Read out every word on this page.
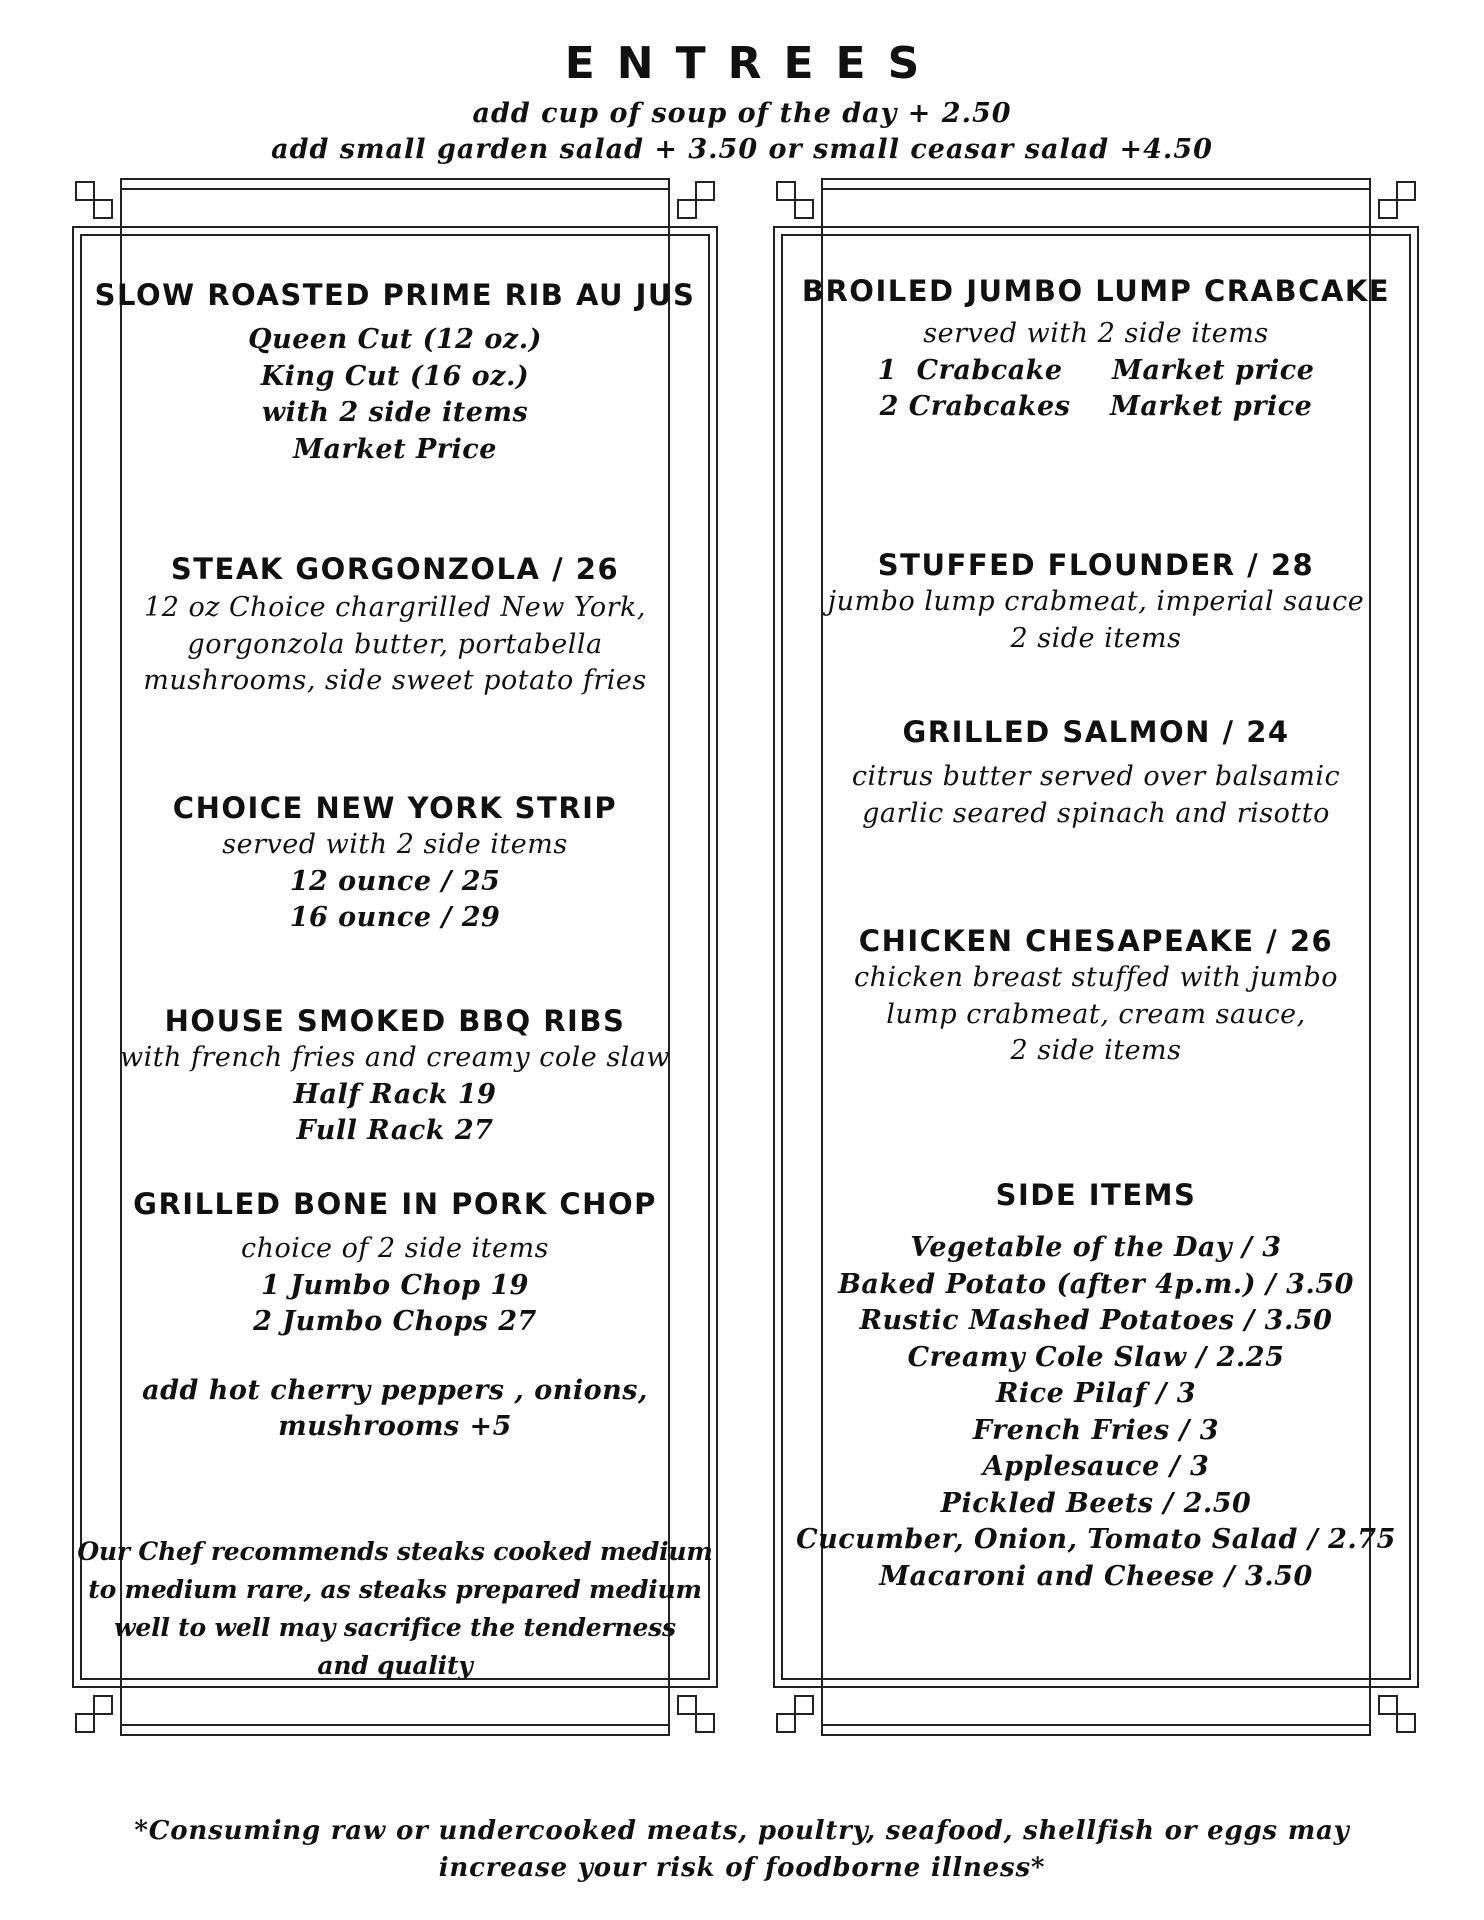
ENTREES
add cup of soup of the day + 2.50
add small garden salad + 3.50 or small ceasar salad +4.50
SLOW ROASTED PRIME RIB AU JUS
Queen Cut (12 oz.)
King Cut (16 oz.)
with 2 side items
Market Price
STEAK GORGONZOLA / 26
12 oz Choice chargrilled New York,
gorgonzola butter, portabella
mushrooms, side sweet potato fries
CHOICE NEW YORK STRIP
served with 2 side items
12 ounce / 25
16 ounce / 29
HOUSE SMOKED BBQ RIBS
with french fries and creamy cole slaw
Half Rack 19
Full Rack 27
GRILLED BONE IN PORK CHOP
choice of 2 side items
1 Jumbo Chop 19
2 Jumbo Chops 27
add hot cherry peppers , onions,
mushrooms +5
Our Chef recommends steaks cooked medium
to medium rare, as steaks prepared medium
well to well may sacrifice the tenderness
and quality
BROILED JUMBO LUMP CRABCAKE
served with 2 side items
1  Crabcake     Market price
2 Crabcakes    Market price
STUFFED FLOUNDER / 28
jumbo lump crabmeat, imperial sauce
2 side items
GRILLED SALMON / 24
citrus butter served over balsamic
garlic seared spinach and risotto
CHICKEN CHESAPEAKE / 26
chicken breast stuffed with jumbo
lump crabmeat, cream sauce,
2 side items
SIDE ITEMS
Vegetable of the Day / 3
Baked Potato (after 4p.m.) / 3.50
Rustic Mashed Potatoes / 3.50
Creamy Cole Slaw / 2.25
Rice Pilaf / 3
French Fries / 3
Applesauce / 3
Pickled Beets / 2.50
Cucumber, Onion, Tomato Salad / 2.75
Macaroni and Cheese / 3.50
*Consuming raw or undercooked meats, poultry, seafood, shellfish or eggs may
increase your risk of foodborne illness*
